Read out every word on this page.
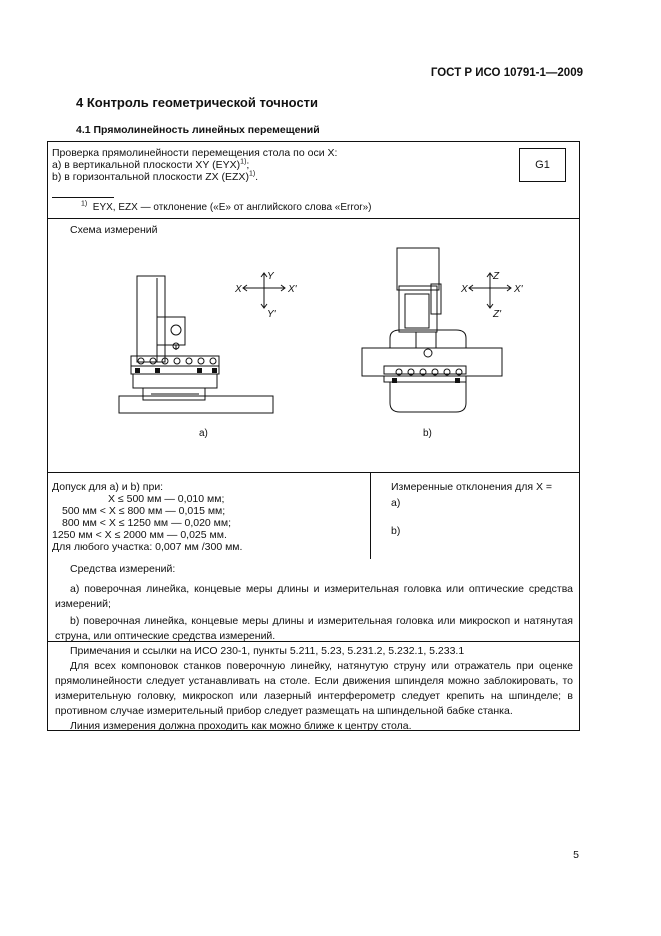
ГОСТ Р ИСО 10791-1—2009
4 Контроль геометрической точности
4.1 Прямолинейность линейных перемещений
Проверка прямолинейности перемещения стола по оси X:
а) в вертикальной плоскости XY (EYX)$^{1)}$;
b) в горизонтальной плоскости ZX (EZX)$^{1)}$.
G1
$^{1)}$ EYX, EZX — отклонение («E» от английского слова «Error»)
Схема измерений
X	X'
Y
Y'
X	X'
Z
Z'
a)	b)
Допуск для a) и b) при:
X ≤ 500 мм — 0,010 мм;
500 мм < X ≤ 800 мм — 0,015 мм;
800 мм < X ≤ 1250 мм — 0,020 мм;
1250 мм < X ≤ 2000 мм — 0,025 мм.
Для любого участка: 0,007 мм /300 мм.
Измеренные отклонения для X =
a)
b)
Средства измерений:
а) поверочная линейка, концевые меры длины и измерительная головка или оптические средства измерений;
b) поверочная линейка, концевые меры длины и измерительная головка или микроскоп и натянутая струна, или оптические средства измерений.
Примечания и ссылки на ИСО 230-1, пункты 5.211, 5.23, 5.231.2, 5.232.1, 5.233.1
Для всех компоновок станков поверочную линейку, натянутую струну или отражатель при оценке прямолинейности следует устанавливать на столе. Если движения шпинделя можно заблокировать, то измерительную головку, микроскоп или лазерный интерферометр следует крепить на шпинделе; в противном случае измерительный прибор следует размещать на шпиндельной бабке станка.
Линия измерения должна проходить как можно ближе к центру стола.
5
